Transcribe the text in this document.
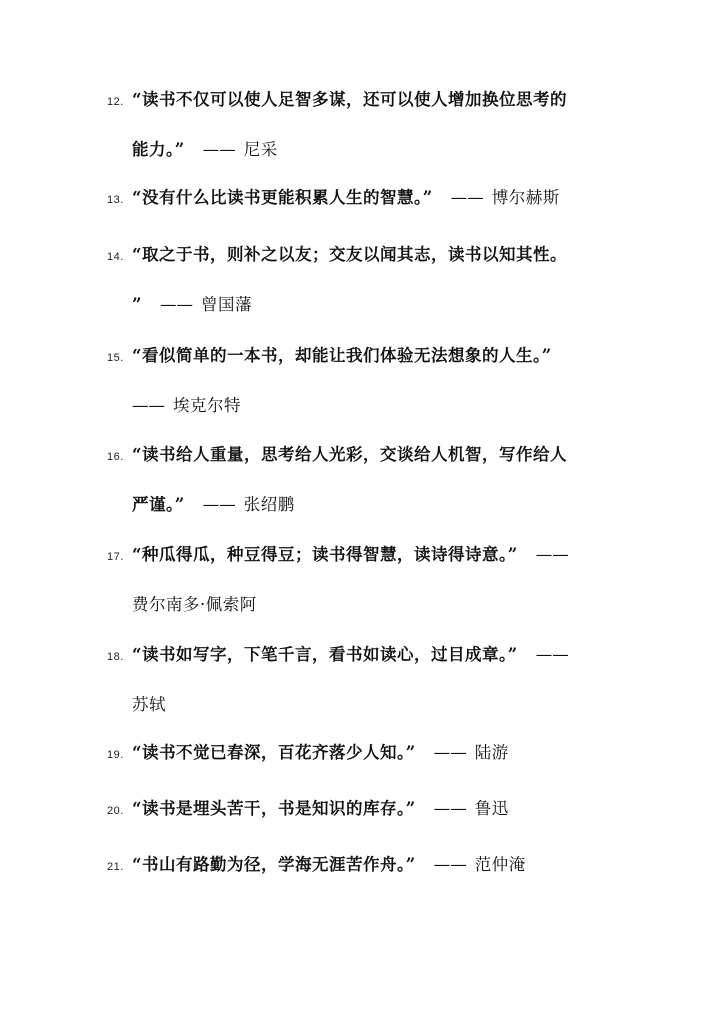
12. “读书不仅可以使人足智多谋，还可以使人增加换位思考的
能力。” —— 尼采
13. “没有什么比读书更能积累人生的智慧。” —— 博尔赫斯
14. “取之于书，则补之以友；交友以闻其志，读书以知其性。
” —— 曾国藩
15. “看似简单的一本书，却能让我们体验无法想象的人生。”
—— 埃克尔特
16. “读书给人重量，思考给人光彩，交谈给人机智，写作给人
严谨。” —— 张绍鹏
17. “种瓜得瓜，种豆得豆；读书得智慧，读诗得诗意。” ——
费尔南多·佩索阿
18. “读书如写字，下笔千言，看书如读心，过目成章。” ——
苏轼
19. “读书不觉已春深，百花齐落少人知。” —— 陆游
20. “读书是埋头苦干，书是知识的库存。” —— 鲁迅
21. “书山有路勤为径，学海无涯苦作舟。” —— 范仲淹
